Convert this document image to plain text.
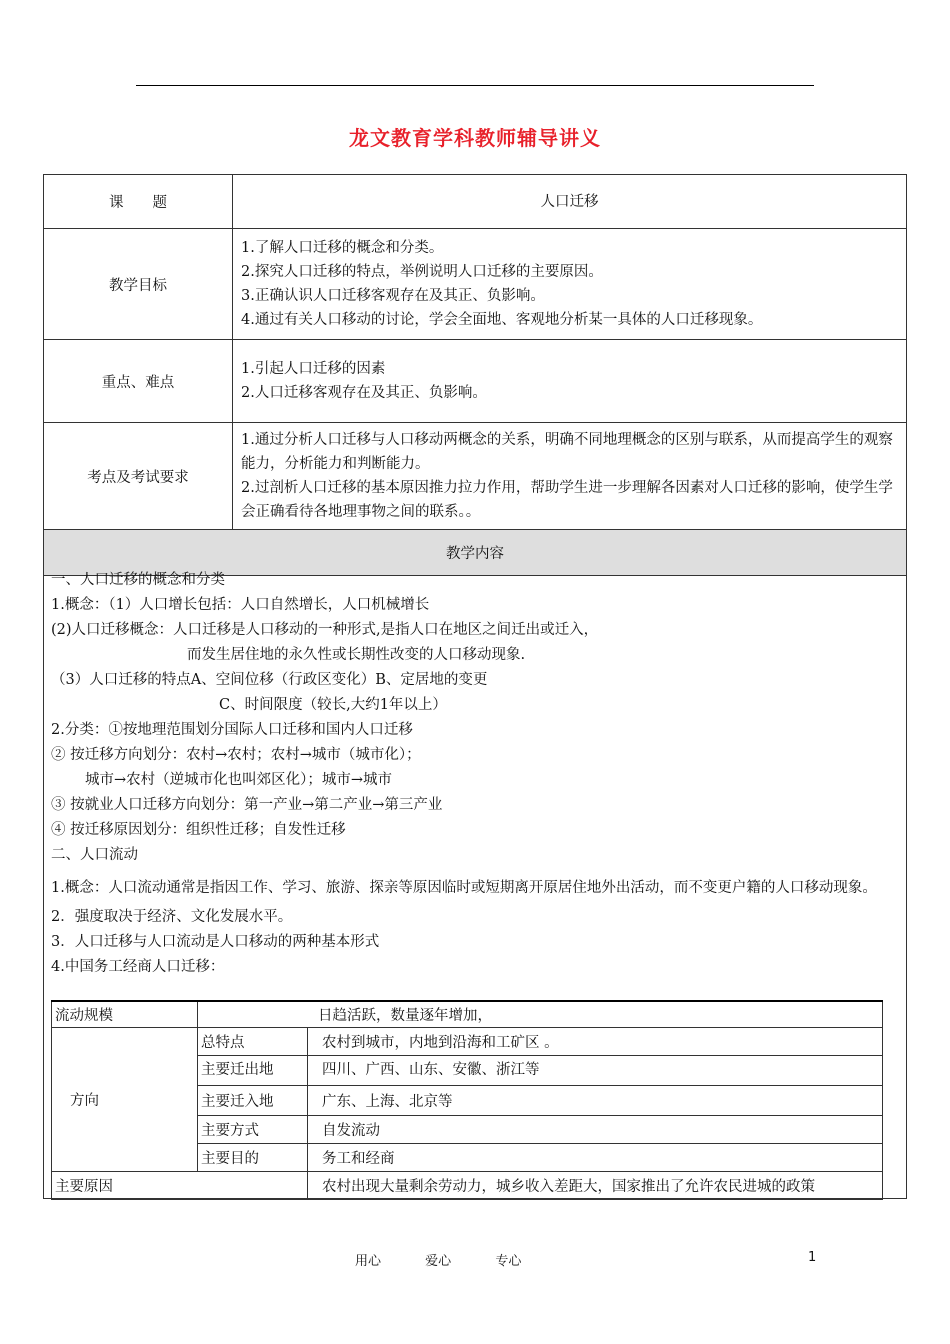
龙文教育学科教师辅导讲义
课　　题	人口迁移
教学目标	1.了解人口迁移的概念和分类。
2.探究人口迁移的特点，举例说明人口迁移的主要原因。
3.正确认识人口迁移客观存在及其正、负影响。
4.通过有关人口移动的讨论，学会全面地、客观地分析某一具体的人口迁移现象。

重点、难点	1.引起人口迁移的因素
2.人口迁移客观存在及其正、负影响。

考点及考试要求	1.通过分析人口迁移与人口移动两概念的关系，明确不同地理概念的区别与联系，从而提高学生的观察能力，分析能力和判断能力。
2.过剖析人口迁移的基本原因推力拉力作用，帮助学生进一步理解各因素对人口迁移的影响，使学生学会正确看待各地理事物之间的联系。。

教学内容	

一、人口迁移的概念和分类

1.概念：（1）人口增长包括：人口自然增长，人口机械增长

(2)人口迁移概念：人口迁移是人口移动的一种形式,是指人口在地区之间迁出或迁入，

而发生居住地的永久性或长期性改变的人口移动现象.

（3）人口迁移的特点A、空间位移（行政区变化）B、定居地的变更

C、时间限度（较长,大约1年以上）

2.分类：①按地理范围划分国际人口迁移和国内人口迁移

② 按迁移方向划分：农村→农村；农村→城市（城市化）；

城市→农村（逆城市化也叫郊区化）；城市→城市

③ 按就业人口迁移方向划分：第一产业→第二产业→第三产业

④ 按迁移原因划分：组织性迁移；自发性迁移

二、人口流动

1.概念：人口流动通常是指因工作、学习、旅游、探亲等原因临时或短期离开原居住地外出活动，而不变更户籍的人口移动现象。

2．强度取决于经济、文化发展水平。

3．人口迁移与人口流动是人口移动的两种基本形式

4.中国务工经商人口迁移：

流动规模	日趋活跃，数量逐年增加，	
方向	总特点	农村到城市，内地到沿海和工矿区 。
	主要迁出地	四川、广西、山东、安徽、浙江等
	主要迁入地	广东、上海、北京等
	主要方式	自发流动
	主要目的	务工和经商
主要原因		农村出现大量剩余劳动力，城乡收入差距大，国家推出了允许农民进城的政策
用心	爱心	专心	1
